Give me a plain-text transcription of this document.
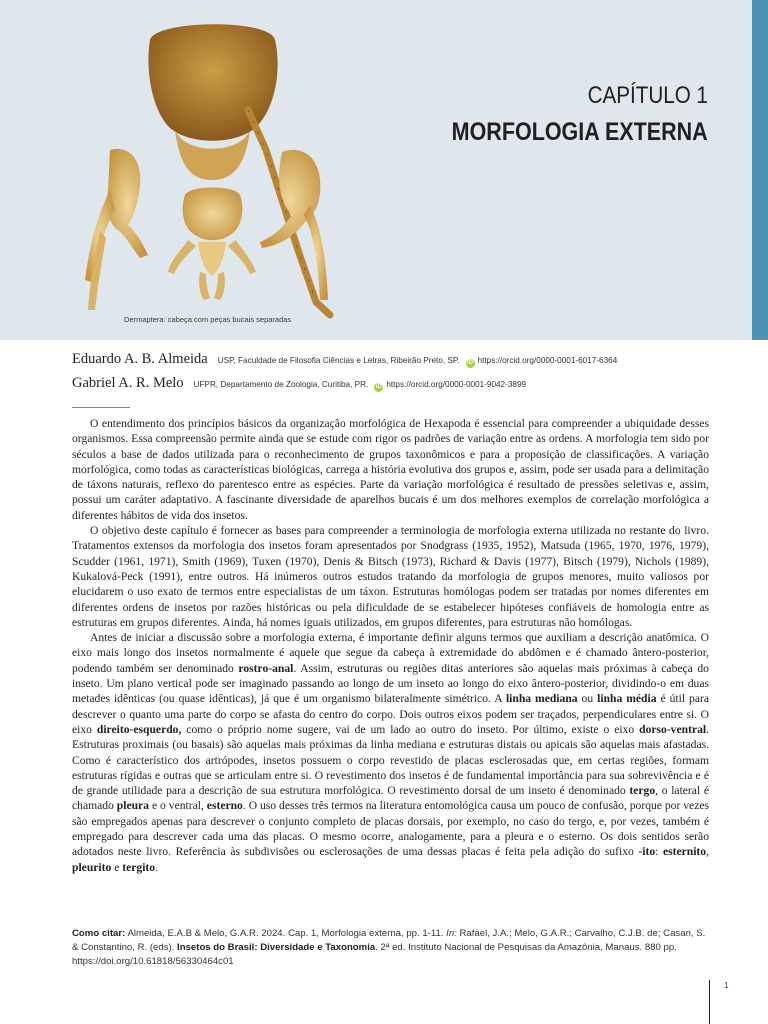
Dermaptera: cabeça com peças bucais separadas
CAPÍTULO 1
MORFOLOGIA EXTERNA
Eduardo A. B. Almeida USP, Faculdade de Filosofia Ciências e Letras, Ribeirão Preto, SP. iD https://orcid.org/0000-0001-6017-6364
Gabriel A. R. Melo UFPR, Departamento de Zoologia, Curitiba, PR. iD https://orcid.org/0000-0001-9042-3899

O entendimento dos princípios básicos da organização morfológica de Hexapoda é essencial para compreender a ubiquidade desses organismos. Essa compreensão permite ainda que se estude com rigor os padrões de variação entre as ordens. A morfologia tem sido por séculos a base de dados utilizada para o reconhecimento de grupos taxonômicos e para a proposição de classificações. A variação morfológica, como todas as características biológicas, carrega a história evolutiva dos grupos e, assim, pode ser usada para a delimitação de táxons naturais, reflexo do parentesco entre as espécies. Parte da variação morfológica é resultado de pressões seletivas e, assim, possui um caráter adaptativo. A fascinante diversidade de aparelhos bucais é um dos melhores exemplos de correlação morfológica a diferentes hábitos de vida dos insetos.

O objetivo deste capítulo é fornecer as bases para compreender a terminologia de morfologia externa utilizada no restante do livro. Tratamentos extensos da morfologia dos insetos foram apresentados por Snodgrass (1935, 1952), Matsuda (1965, 1970, 1976, 1979), Scudder (1961, 1971), Smith (1969), Tuxen (1970), Denis & Bitsch (1973), Richard & Davis (1977), Bitsch (1979), Nichols (1989), Kukalová-Peck (1991), entre outros. Há inúmeros outros estudos tratando da morfologia de grupos menores, muito valiosos por elucidarem o uso exato de termos entre especialistas de um táxon. Estruturas homólogas podem ser tratadas por nomes diferentes em diferentes ordens de insetos por razões históricas ou pela dificuldade de se estabelecer hipóteses confiáveis de homologia entre as estruturas em grupos diferentes. Ainda, há nomes iguais utilizados, em grupos diferentes, para estruturas não homólogas.

Antes de iniciar a discussão sobre a morfologia externa, é importante definir alguns termos que auxiliam a descrição anatômica. O eixo mais longo dos insetos normalmente é aquele que segue da cabeça à extremidade do abdômen e é chamado ântero-posterior, podendo também ser denominado rostro-anal. Assim, estruturas ou regiões ditas anteriores são aquelas mais próximas à cabeça do inseto. Um plano vertical pode ser imaginado passando ao longo de um inseto ao longo do eixo ântero-posterior, dividindo-o em duas metades idênticas (ou quase idênticas), já que é um organismo bilateralmente simétrico. A linha mediana ou linha média é útil para descrever o quanto uma parte do corpo se afasta do centro do corpo. Dois outros eixos podem ser traçados, perpendiculares entre si. O eixo direito-esquerdo, como o próprio nome sugere, vai de um lado ao outro do inseto. Por último, existe o eixo dorso-ventral. Estruturas proximais (ou basais) são aquelas mais próximas da linha mediana e estruturas distais ou apicais são aquelas mais afastadas. Como é característico dos artrópodes, insetos possuem o corpo revestido de placas esclerosadas que, em certas regiões, formam estruturas rígidas e outras que se articulam entre si. O revestimento dos insetos é de fundamental importância para sua sobrevivência e é de grande utilidade para a descrição de sua estrutura morfológica. O revestimento dorsal de um inseto é denominado tergo, o lateral é chamado pleura e o ventral, esterno. O uso desses três termos na literatura entomológica causa um pouco de confusão, porque por vezes são empregados apenas para descrever o conjunto completo de placas dorsais, por exemplo, no caso do tergo, e, por vezes, também é empregado para descrever cada uma das placas. O mesmo ocorre, analogamente, para a pleura e o esterno. Os dois sentidos serão adotados neste livro. Referência às subdivisões ou esclerosações de uma dessas placas é feita pela adição do sufixo -ito: esternito, pleurito e tergito.

Como citar: Almeida, E.A.B & Melo, G.A.R. 2024. Cap. 1, Morfologia externa, pp. 1-11. In: Rafael, J.A.; Melo, G.A.R.; Carvalho, C.J.B. de; Casari, S. & Constantino, R. (eds). Insetos do Brasil: Diversidade e Taxonomia. 2ª ed. Instituto Nacional de Pesquisas da Amazônia, Manaus. 880 pp.
https://doi.org/10.61818/56330464c01
1
